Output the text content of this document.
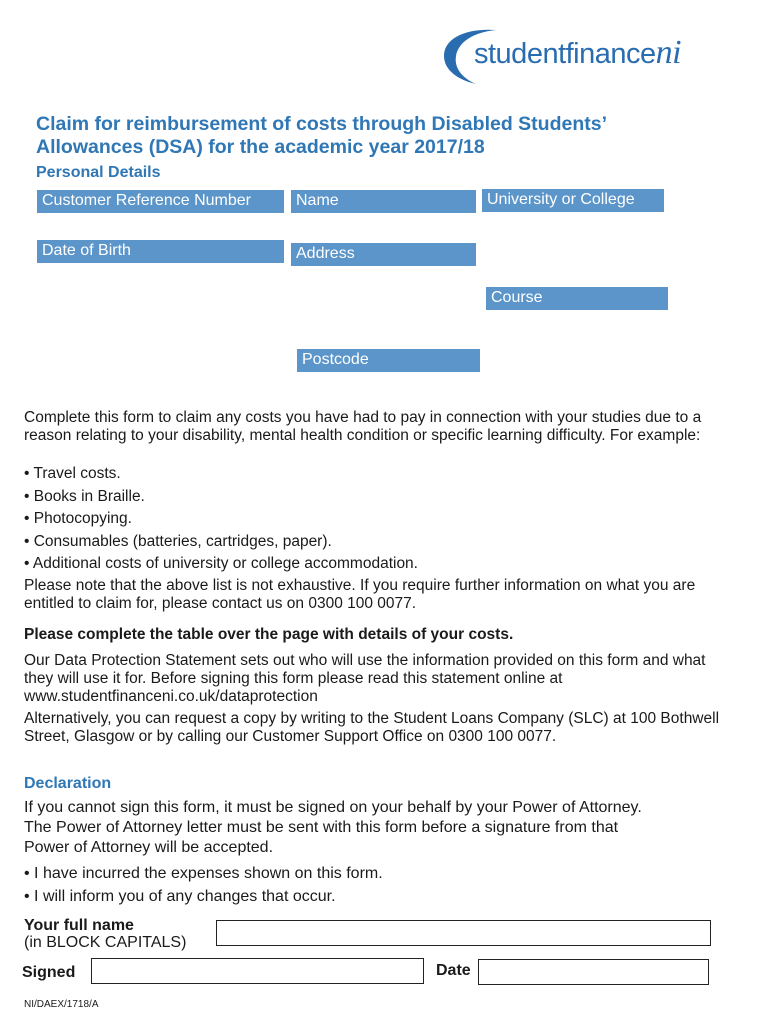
studentfinanceni
Claim for reimbursement of costs through Disabled Students’ Allowances (DSA) for the academic year 2017/18
Personal Details
Customer Reference Number	Name	University or College
Date of Birth	Address
Course
Postcode

Complete this form to claim any costs you have had to pay in connection with your studies due to a reason relating to your disability, mental health condition or specific learning difficulty. For example:

• Travel costs.
• Books in Braille.
• Photocopying.
• Consumables (batteries, cartridges, paper).
• Additional costs of university or college accommodation.

Please note that the above list is not exhaustive. If you require further information on what you are entitled to claim for, please contact us on 0300 100 0077.

Please complete the table over the page with details of your costs.

Our Data Protection Statement sets out who will use the information provided on this form and what they will use it for. Before signing this form please read this statement online at www.studentfinanceni.co.uk/dataprotection

Alternatively, you can request a copy by writing to the Student Loans Company (SLC) at 100 Bothwell Street, Glasgow or by calling our Customer Support Office on 0300 100 0077.

Declaration

If you cannot sign this form, it must be signed on your behalf by your Power of Attorney. The Power of Attorney letter must be sent with this form before a signature from that Power of Attorney will be accepted.

• I have incurred the expenses shown on this form.
• I will inform you of any changes that occur.
Your full name
(in BLOCK CAPITALS)
Signed	Date
NI/DAEX/1718/A
